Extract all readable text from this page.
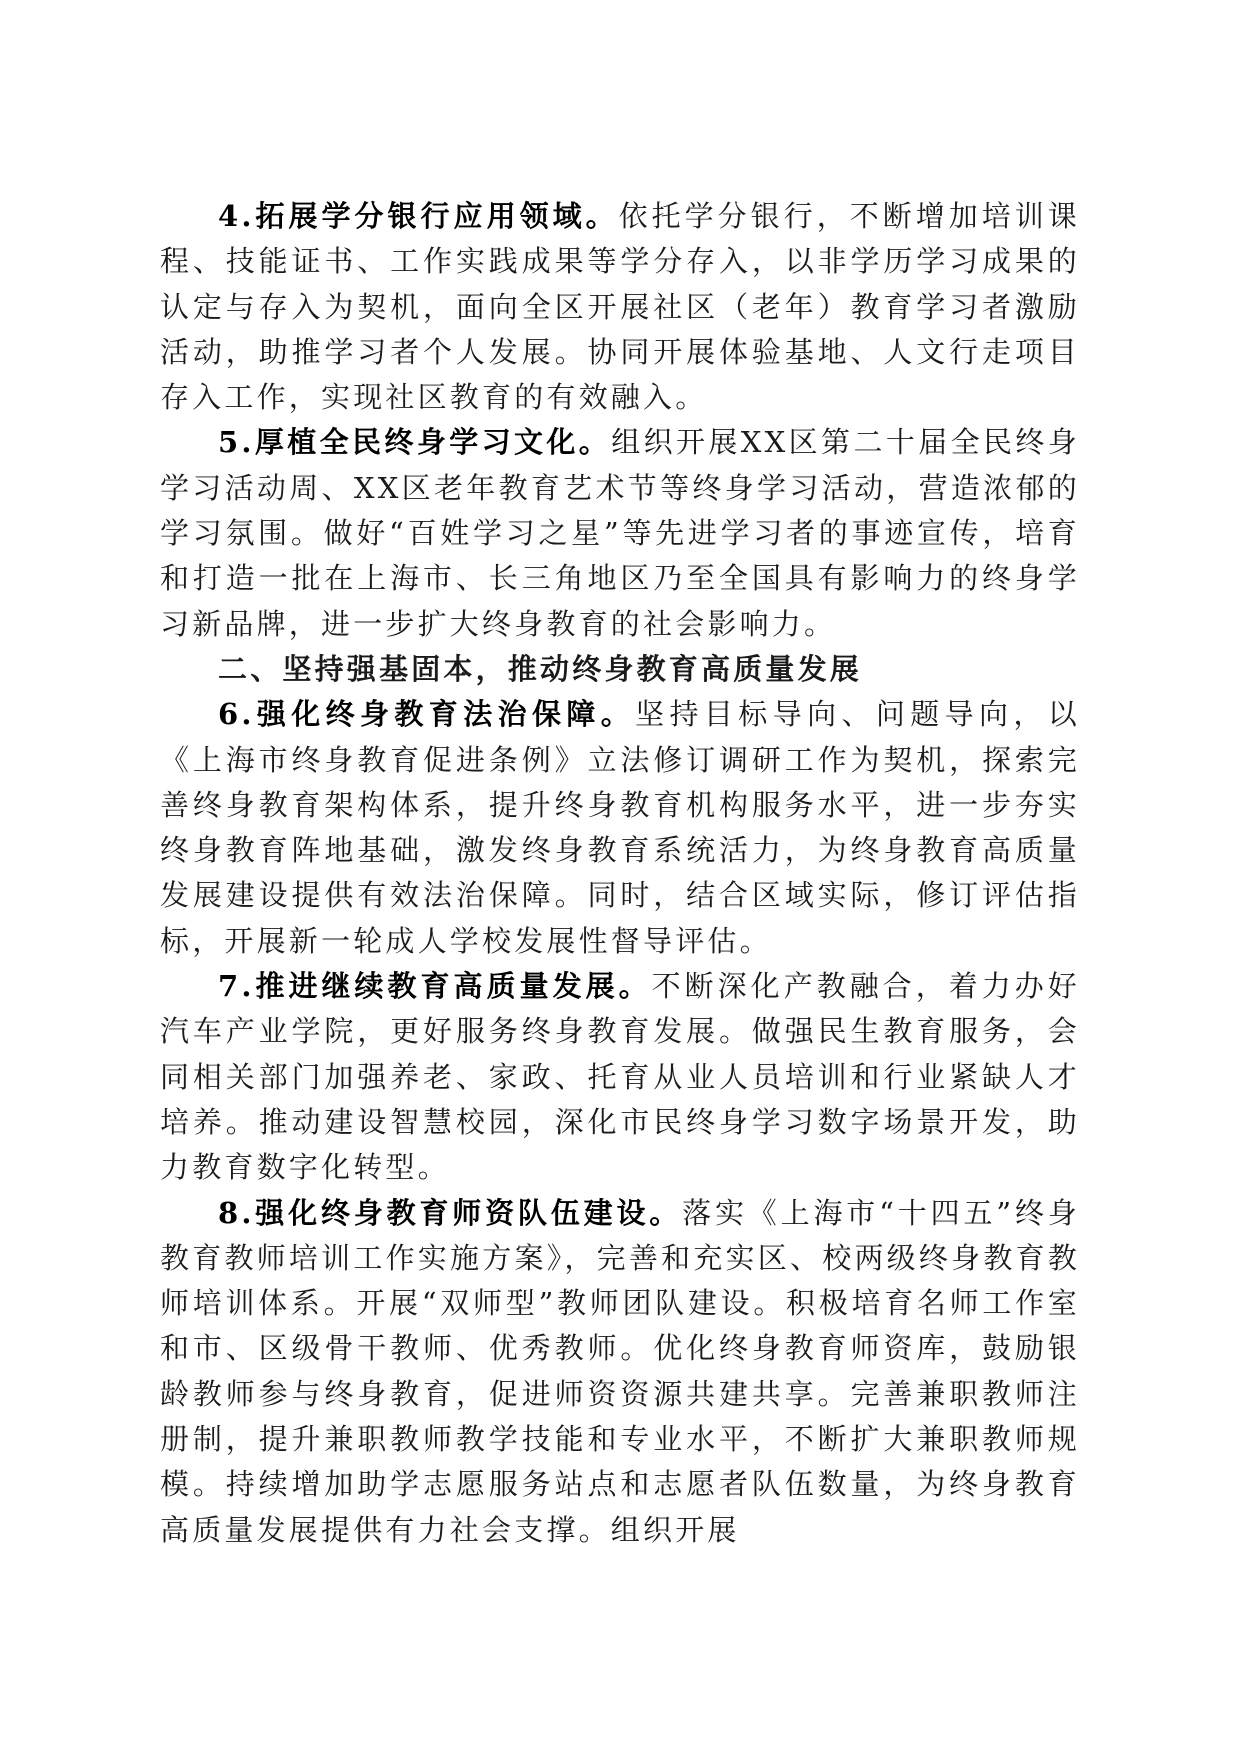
4.拓展学分银行应用领域。依托学分银行，不断增加培训课程、技能证书、工作实践成果等学分存入，以非学历学习成果的认定与存入为契机，面向全区开展社区（老年）教育学习者激励活动，助推学习者个人发展。协同开展体验基地、人文行走项目存入工作，实现社区教育的有效融入。

5.厚植全民终身学习文化。组织开展XX区第二十届全民终身学习活动周、XX区老年教育艺术节等终身学习活动，营造浓郁的学习氛围。做好“百姓学习之星”等先进学习者的事迹宣传，培育和打造一批在上海市、长三角地区乃至全国具有影响力的终身学习新品牌，进一步扩大终身教育的社会影响力。

二、坚持强基固本，推动终身教育高质量发展

6.强化终身教育法治保障。坚持目标导向、问题导向，以《上海市终身教育促进条例》立法修订调研工作为契机，探索完善终身教育架构体系，提升终身教育机构服务水平，进一步夯实终身教育阵地基础，激发终身教育系统活力，为终身教育高质量发展建设提供有效法治保障。同时，结合区域实际，修订评估指标，开展新一轮成人学校发展性督导评估。

7.推进继续教育高质量发展。不断深化产教融合，着力办好汽车产业学院，更好服务终身教育发展。做强民生教育服务，会同相关部门加强养老、家政、托育从业人员培训和行业紧缺人才培养。推动建设智慧校园，深化市民终身学习数字场景开发，助力教育数字化转型。

8.强化终身教育师资队伍建设。落实《上海市“十四五”终身教育教师培训工作实施方案》，完善和充实区、校两级终身教育教师培训体系。开展“双师型”教师团队建设。积极培育名师工作室和市、区级骨干教师、优秀教师。优化终身教育师资库，鼓励银龄教师参与终身教育，促进师资资源共建共享。完善兼职教师注册制，提升兼职教师教学技能和专业水平，不断扩大兼职教师规模。持续增加助学志愿服务站点和志愿者队伍数量，为终身教育高质量发展提供有力社会支撑。组织开展
